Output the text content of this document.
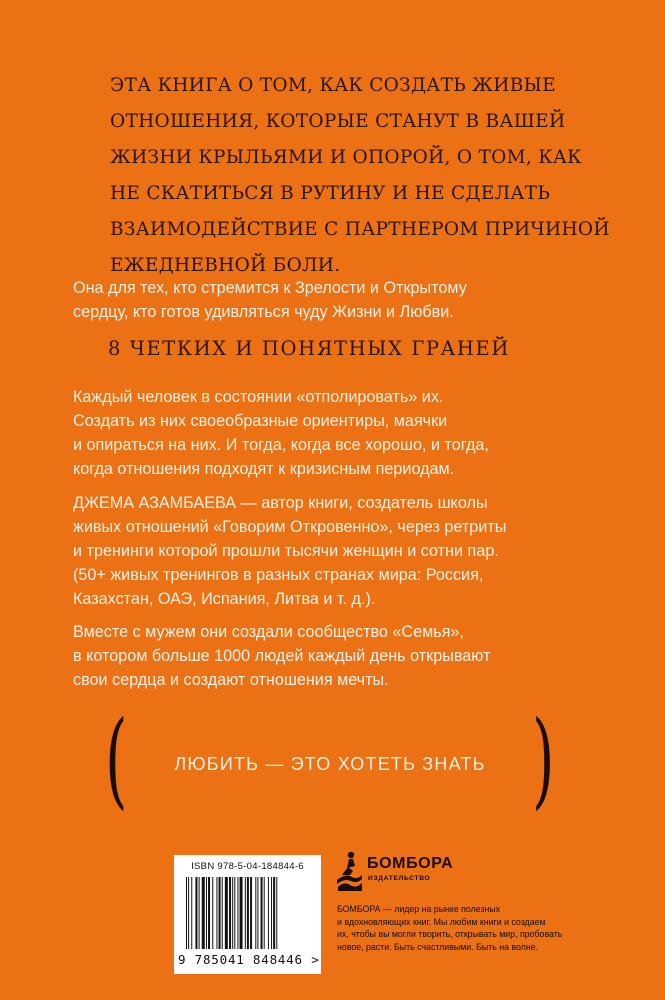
ЭТА КНИГА О ТОМ, КАК СОЗДАТЬ ЖИВЫЕ
ОТНОШЕНИЯ, КОТОРЫЕ СТАНУТ В ВАШЕЙ
ЖИЗНИ КРЫЛЬЯМИ И ОПОРОЙ, О ТОМ, КАК
НЕ СКАТИТЬСЯ В РУТИНУ И НЕ СДЕЛАТЬ
ВЗАИМОДЕЙСТВИЕ С ПАРТНЕРОМ ПРИЧИНОЙ
ЕЖЕДНЕВНОЙ БОЛИ.
Она для тех, кто стремится к Зрелости и Открытому
сердцу, кто готов удивляться чуду Жизни и Любви.
8 ЧЕТКИХ И ПОНЯТНЫХ ГРАНЕЙ
Каждый человек в состоянии «отполировать» их.
Создать из них своеобразные ориентиры, маячки
и опираться на них. И тогда, когда все хорошо, и тогда,
когда отношения подходят к кризисным периодам.
ДЖЕМА АЗАМБАЕВА — автор книги, создатель школы
живых отношений «Говорим Откровенно», через ретриты
и тренинги которой прошли тысячи женщин и сотни пар.
(50+ живых тренингов в разных странах мира: Россия,
Казахстан, ОАЭ, Испания, Литва и т. д.).
Вместе с мужем они создали сообщество «Семья»,
в котором больше 1000 людей каждый день открывают
свои сердца и создают отношения мечты.
(	ЛЮБИТЬ — ЭТО ХОТЕТЬ ЗНАТЬ )
ISBN 978-5-04-184844-6
9 785041 848446 >
БОМБОРА
ИЗДАТЕЛЬСТВО
БОМБОРА — лидер на рынке полезных
и вдохновляющих книг. Мы любим книги и создаем
их, чтобы вы могли творить, открывать мир, пробовать
новое, расти. Быть счастливыми. Быть на волне.
